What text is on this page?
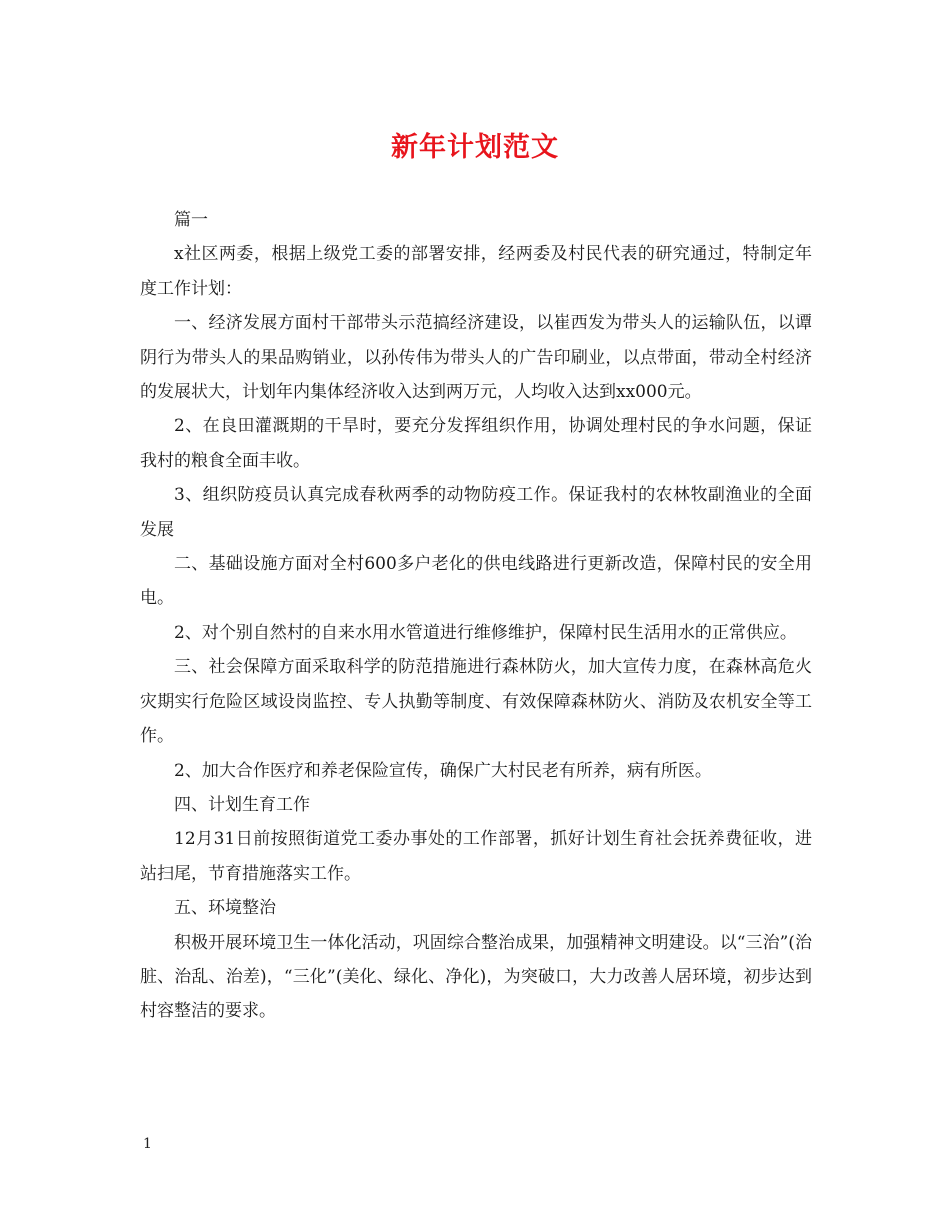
新年计划范文

篇一

x社区两委，根据上级党工委的部署安排，经两委及村民代表的研究通过，特制定年度工作计划：

一、经济发展方面村干部带头示范搞经济建设，以崔西发为带头人的运输队伍，以谭阴行为带头人的果品购销业，以孙传伟为带头人的广告印刷业，以点带面，带动全村经济的发展状大，计划年内集体经济收入达到两万元，人均收入达到xx000元。

2、在良田灌溉期的干旱时，要充分发挥组织作用，协调处理村民的争水问题，保证我村的粮食全面丰收。

3、组织防疫员认真完成春秋两季的动物防疫工作。保证我村的农林牧副渔业的全面发展

二、基础设施方面对全村600多户老化的供电线路进行更新改造，保障村民的安全用电。

2、对个别自然村的自来水用水管道进行维修维护，保障村民生活用水的正常供应。

三、社会保障方面采取科学的防范措施进行森林防火，加大宣传力度，在森林高危火灾期实行危险区域设岗监控、专人执勤等制度、有效保障森林防火、消防及农机安全等工作。

2、加大合作医疗和养老保险宣传，确保广大村民老有所养，病有所医。

四、计划生育工作

12月31日前按照街道党工委办事处的工作部署，抓好计划生育社会抚养费征收，进站扫尾，节育措施落实工作。

五、环境整治

积极开展环境卫生一体化活动，巩固综合整治成果，加强精神文明建设。以“三治”(治脏、治乱、治差)，“三化”(美化、绿化、净化)，为突破口，大力改善人居环境，初步达到村容整洁的要求。

1
